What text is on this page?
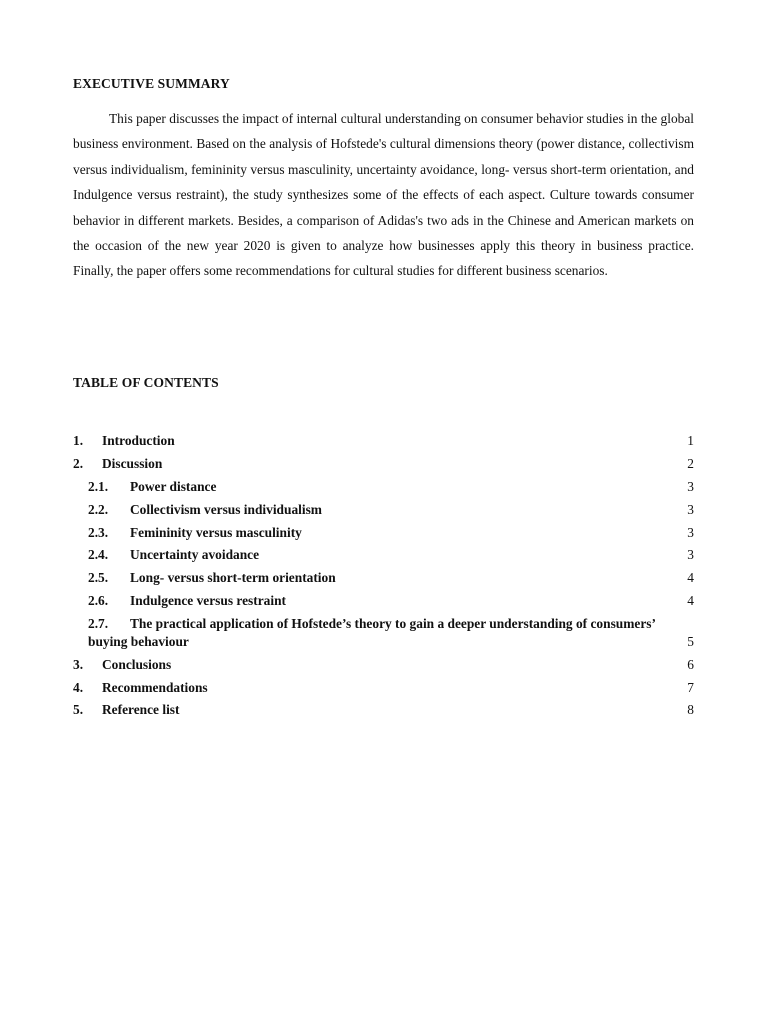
EXECUTIVE SUMMARY

This paper discusses the impact of internal cultural understanding on consumer behavior studies in the global business environment. Based on the analysis of Hofstede's cultural dimensions theory (power distance, collectivism versus individualism, femininity versus masculinity, uncertainty avoidance, long- versus short-term orientation, and Indulgence versus restraint), the study synthesizes some of the effects of each aspect. Culture towards consumer behavior in different markets. Besides, a comparison of Adidas's two ads in the Chinese and American markets on the occasion of the new year 2020 is given to analyze how businesses apply this theory in business practice. Finally, the paper offers some recommendations for cultural studies for different business scenarios.

TABLE OF CONTENTS
1. Introduction	1
2. Discussion	2
2.1. Power distance	3
2.2. Collectivism versus individualism	3
2.3. Femininity versus masculinity	3
2.4. Uncertainty avoidance	3
2.5. Long- versus short-term orientation	4
2.6. Indulgence versus restraint	4
2.7. The practical application of Hofstede’s theory to gain a deeper understanding of consumers’ buying behaviour	5
3. Conclusions	6
4. Recommendations	7
5. Reference list	8
